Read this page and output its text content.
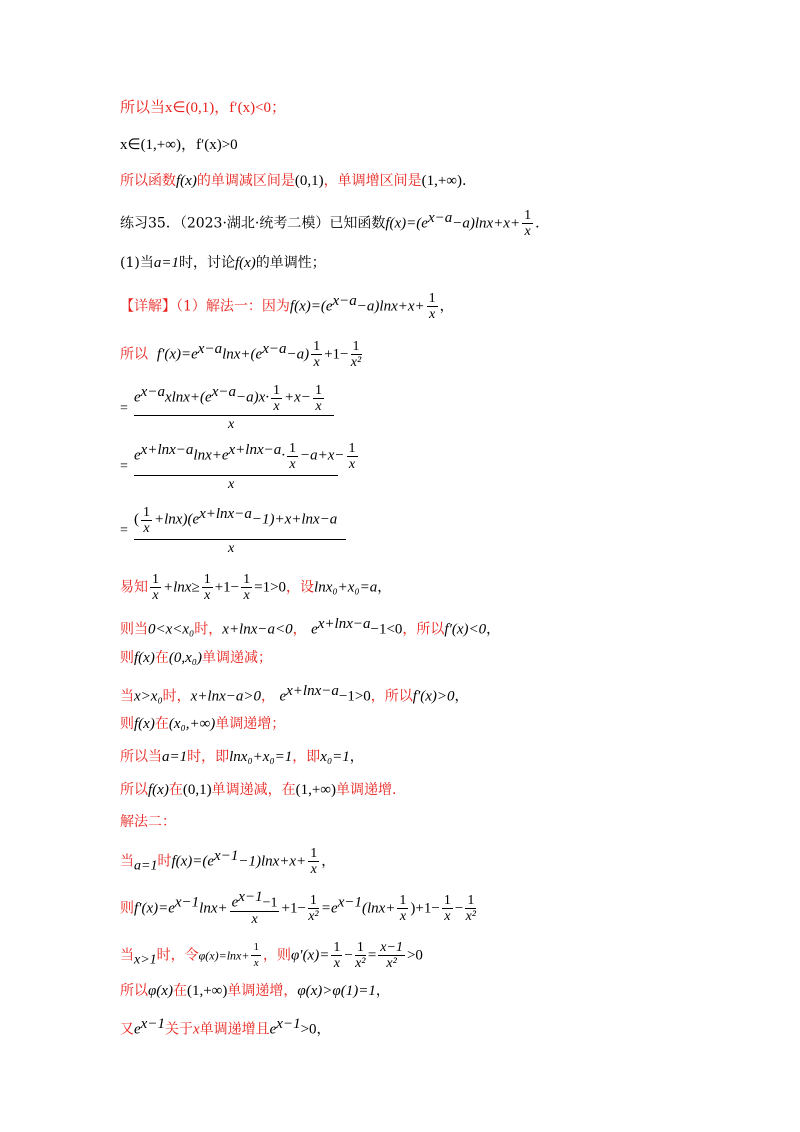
所以当x∈(0,1)，f′(x)<0；
x∈(1,+∞)，f′(x)>0
所以函数f(x)的单调减区间是(0,1)，单调增区间是(1,+∞).
练习35．（2023·湖北·统考二模）已知函数$f(x)=(e^{x-a}-a)\ln x+x+ \frac{1}{x}$ .
(1)当a=1时，讨论f(x)的单调性；
【详解】（1）解法一：因为$f(x)=(e^{x-a}-a)\ln x+x+ \frac{1}{x}$ ，
所以 $f'(x)=e^{x-a}\ln x+(e^{x-a}-a) \frac{1}{x} +1- \frac{1}{\text{x²}}$
=
$e^{x-a}xlnx+(e^{x-a}-a)x\cdot \frac{1}{x} +x- \frac{1}{x}$
x
=
$e^{x+lnx-a}\ln x+e^{x+lnx-a}\cdot \frac{1}{x} -a+x- \frac{1}{x}$
x
=
( $\frac{1}{x} +\ln x)(e^{x+lnx-a}-1)+x+\ln x-a$
x
易知 $\frac{1}{x} +\ln x\ge \frac{1}{x} +1- \frac{1}{x} =1>0$，设lnx₀+x₀=a，
则当0<x<x₀时，x+lnx−a<0， $e^{x+lnx-a}-1<0$，所以f′(x)<0，
则f(x)在(0,x₀)单调递减；
当x>x₀时，x+lnx−a>0， $e^{x+lnx-a}-1>0$，所以f′(x)>0，
则f(x)在(x₀,+∞)单调递增；
所以当a=1时，即lnx₀+x₀=1，即x₀=1，
所以f(x)在(0,1)单调递减，在(1,+∞)单调递增.
解法二：
当$_{a=1}$时$f(x)=(e^{x-1}-1)\ln x+x+ \frac{1}{x}$ ，
则$f'(x)=e^{x-1}\ln x+ \frac{e^{x-1}-1}{x} +1- \frac{1}{\text{x²}} =e^{x-1}(\ln x+ \frac{1}{x} )+1- \frac{1}{x} - \frac{1}{\text{x²}}$
当$_{x>1}$时，令$\varphi(x)=\ln x+ \frac{1}{x}$ ，则$\varphi'(x)= \frac{1}{x} - \frac{1}{\text{x²}} = \frac{x-1}{\text{x²}} >0$
所以φ(x)在(1,+∞)单调递增，φ(x)>φ(1)=1，
又$e^{x-1}$关于x单调递增且$e^{x-1}>0$，
